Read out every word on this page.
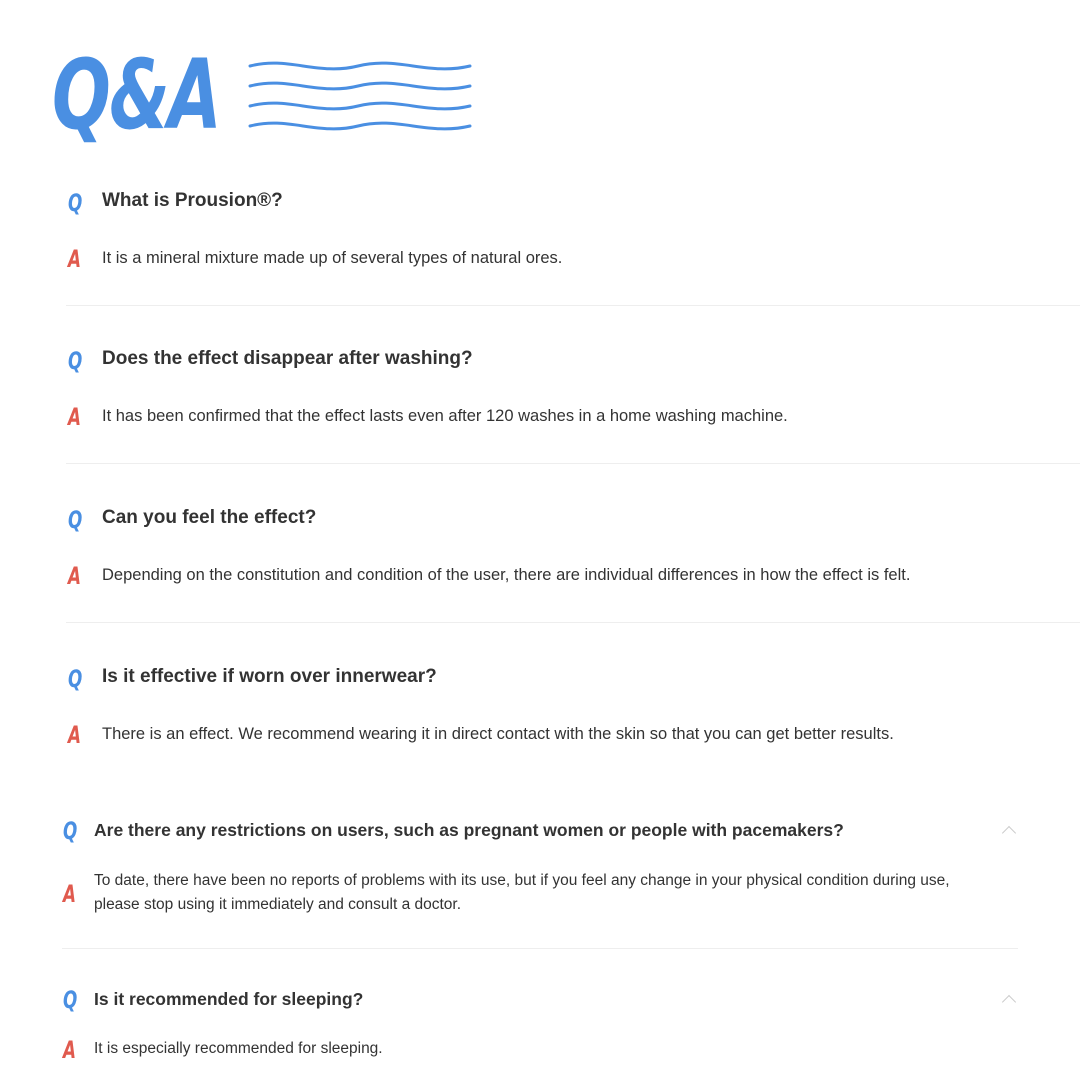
Q&A
Q What is Prousion®?
A It is a mineral mixture made up of several types of natural ores.
Q Does the effect disappear after washing?
A It has been confirmed that the effect lasts even after 120 washes in a home washing machine.
Q Can you feel the effect?
A Depending on the constitution and condition of the user, there are individual differences in how the effect is felt.
Q Is it effective if worn over innerwear?
A There is an effect. We recommend wearing it in direct contact with the skin so that you can get better results.
Q Are there any restrictions on users, such as pregnant women or people with pacemakers?
A To date, there have been no reports of problems with its use, but if you feel any change in your physical condition during use, please stop using it immediately and consult a doctor.
Q Is it recommended for sleeping?
A It is especially recommended for sleeping.
